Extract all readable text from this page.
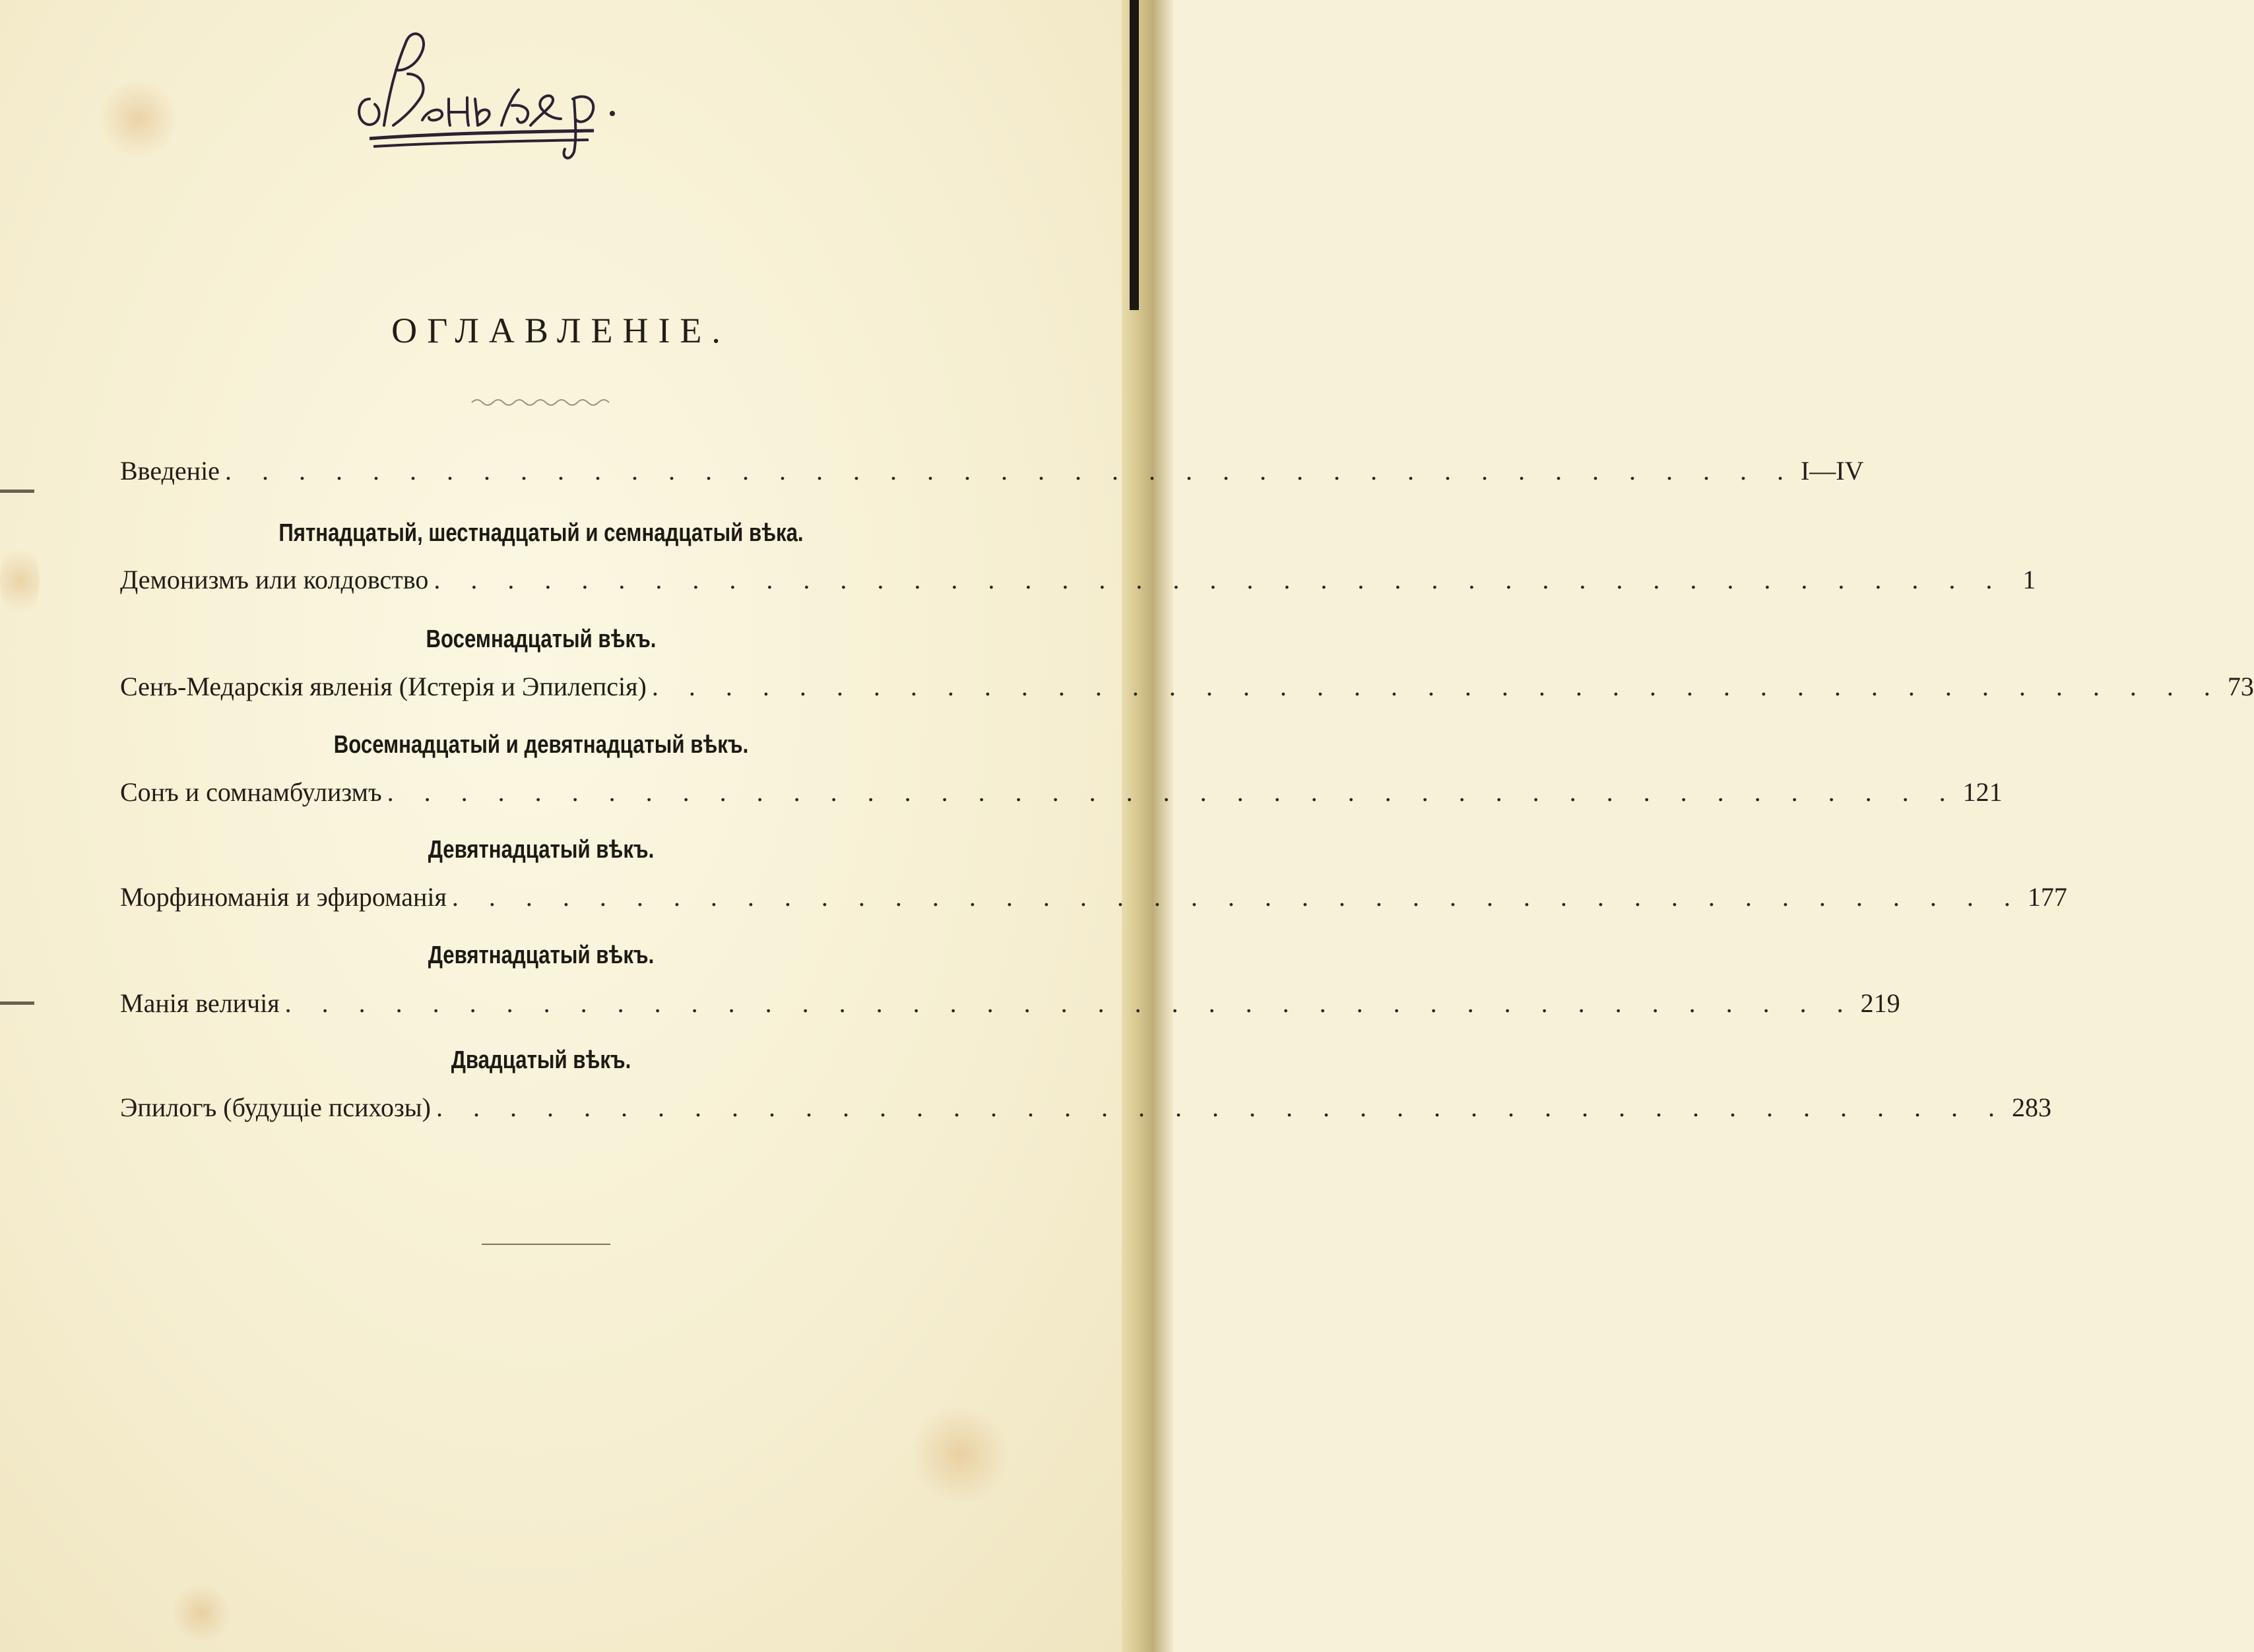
ОГЛАВЛЕНIЕ.
Введенiе . . . . . . . . . . . . . . . . . . . . . . . . . . . . . . . . . . . . . . . . . . . I—IV
Пятнадцатый, шестнадцатый и семнадцатый вѣка.
Демонизмъ или колдовство . . . . . . . . . . . . . . . . . . . . . . . . . . . . . . . . . . . . . . . . . . . 1
Восемнадцатый вѣкъ.
Сенъ-Медарскiя явленiя (Истерiя и Эпилепсiя) . . . . . . . . . . . . . . . . . . . . . . . . . . . . . . . . . . . . . . . . . . . 73
Восемнадцатый и девятнадцатый вѣкъ.
Сонъ и сомнамбулизмъ . . . . . . . . . . . . . . . . . . . . . . . . . . . . . . . . . . . . . . . . . . . 121
Девятнадцатый вѣкъ.
Морфиноманiя и эфироманiя . . . . . . . . . . . . . . . . . . . . . . . . . . . . . . . . . . . . . . . . . . . 177
Девятнадцатый вѣкъ.
Манiя величiя . . . . . . . . . . . . . . . . . . . . . . . . . . . . . . . . . . . . . . . . . . . 219
Двадцатый вѣкъ.
Эпилогъ (будущiе психозы) . . . . . . . . . . . . . . . . . . . . . . . . . . . . . . . . . . . . . . . . . . . 283
